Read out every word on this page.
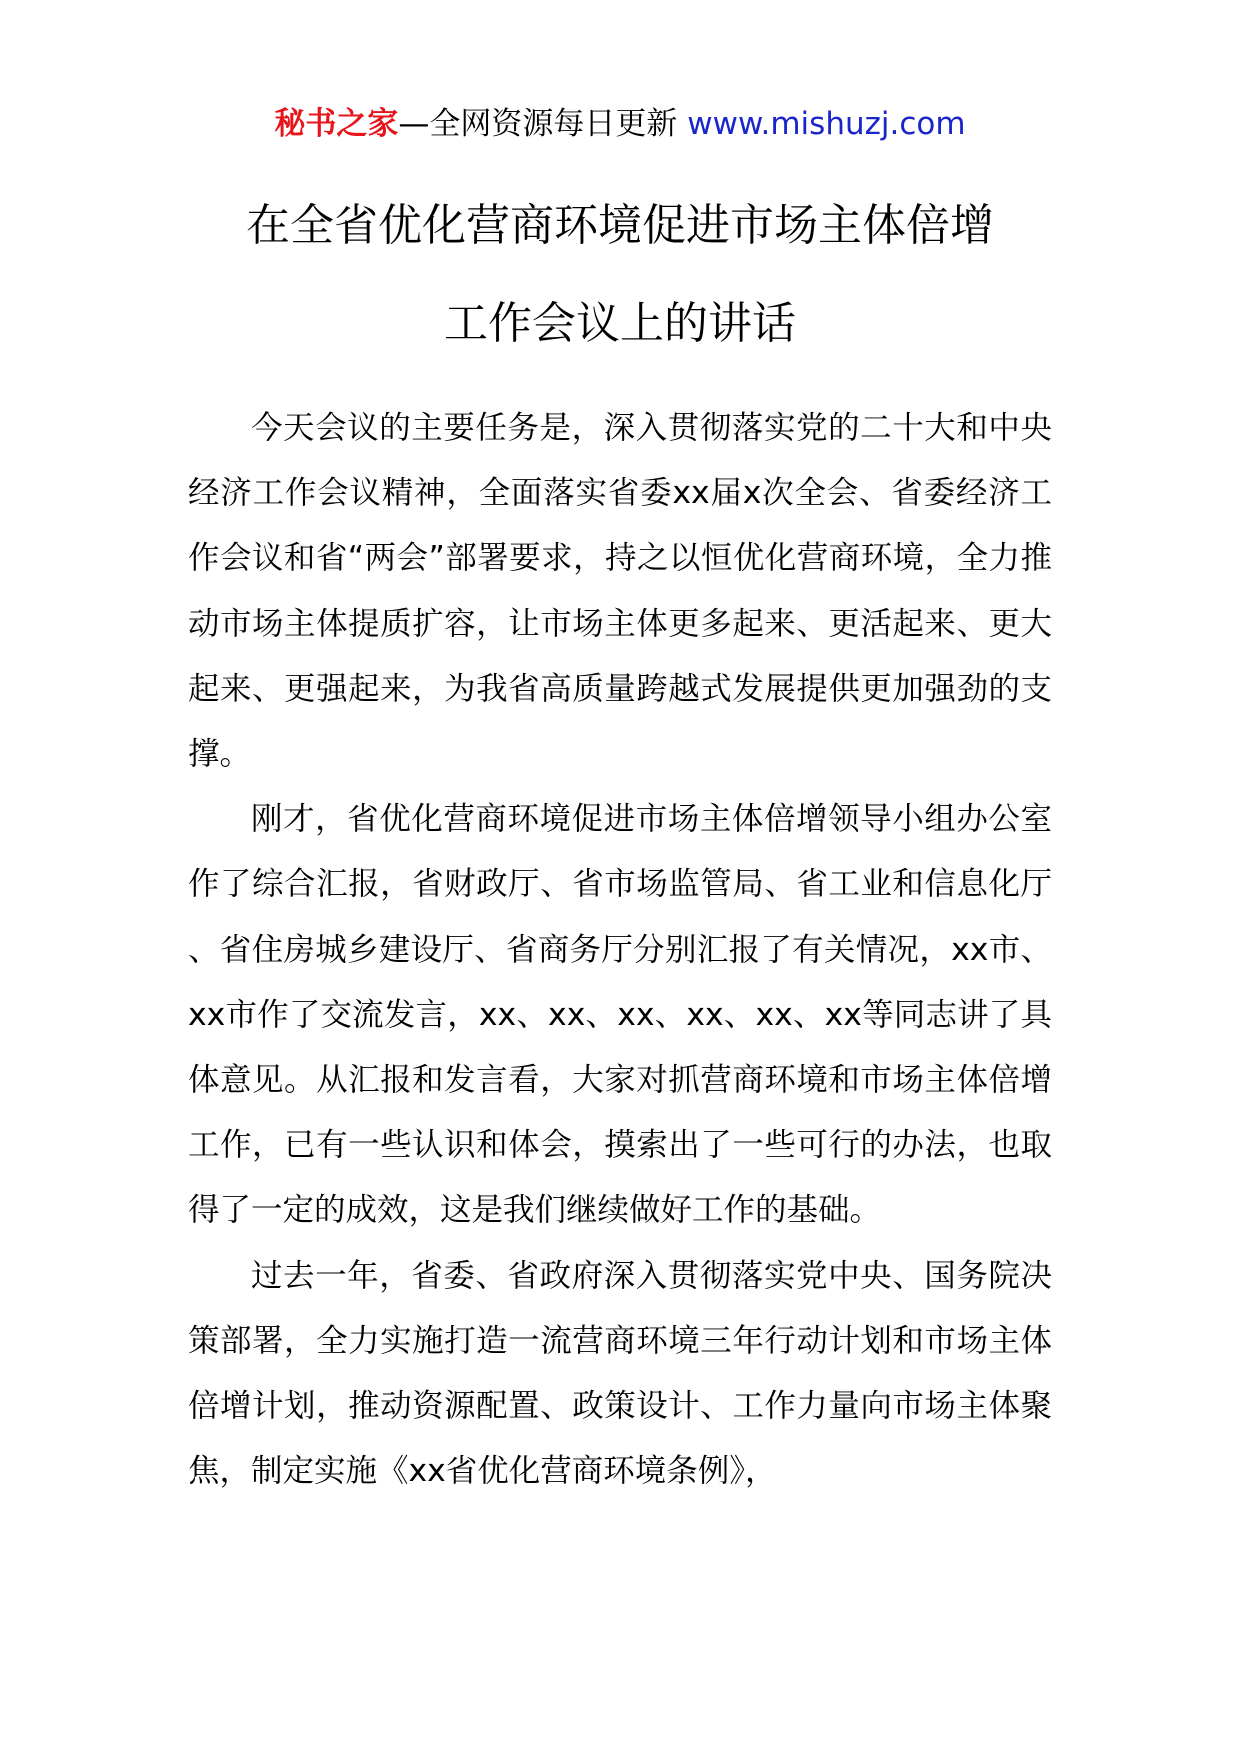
秘书之家—全网资源每日更新 www.mishuzj.com
在全省优化营商环境促进市场主体倍增
工作会议上的讲话

今天会议的主要任务是，深入贯彻落实党的二十大和中央经济工作会议精神，全面落实省委xx届x次全会、省委经济工作会议和省“两会”部署要求，持之以恒优化营商环境，全力推动市场主体提质扩容，让市场主体更多起来、更活起来、更大起来、更强起来，为我省高质量跨越式发展提供更加强劲的支撑。

刚才，省优化营商环境促进市场主体倍增领导小组办公室作了综合汇报，省财政厅、省市场监管局、省工业和信息化厅、省住房城乡建设厅、省商务厅分别汇报了有关情况，xx市、xx市作了交流发言，xx、xx、xx、xx、xx、xx等同志讲了具体意见。从汇报和发言看，大家对抓营商环境和市场主体倍增工作，已有一些认识和体会，摸索出了一些可行的办法，也取得了一定的成效，这是我们继续做好工作的基础。

过去一年，省委、省政府深入贯彻落实党中央、国务院决策部署，全力实施打造一流营商环境三年行动计划和市场主体倍增计划，推动资源配置、政策设计、工作力量向市场主体聚焦，制定实施《xx省优化营商环境条例》，
